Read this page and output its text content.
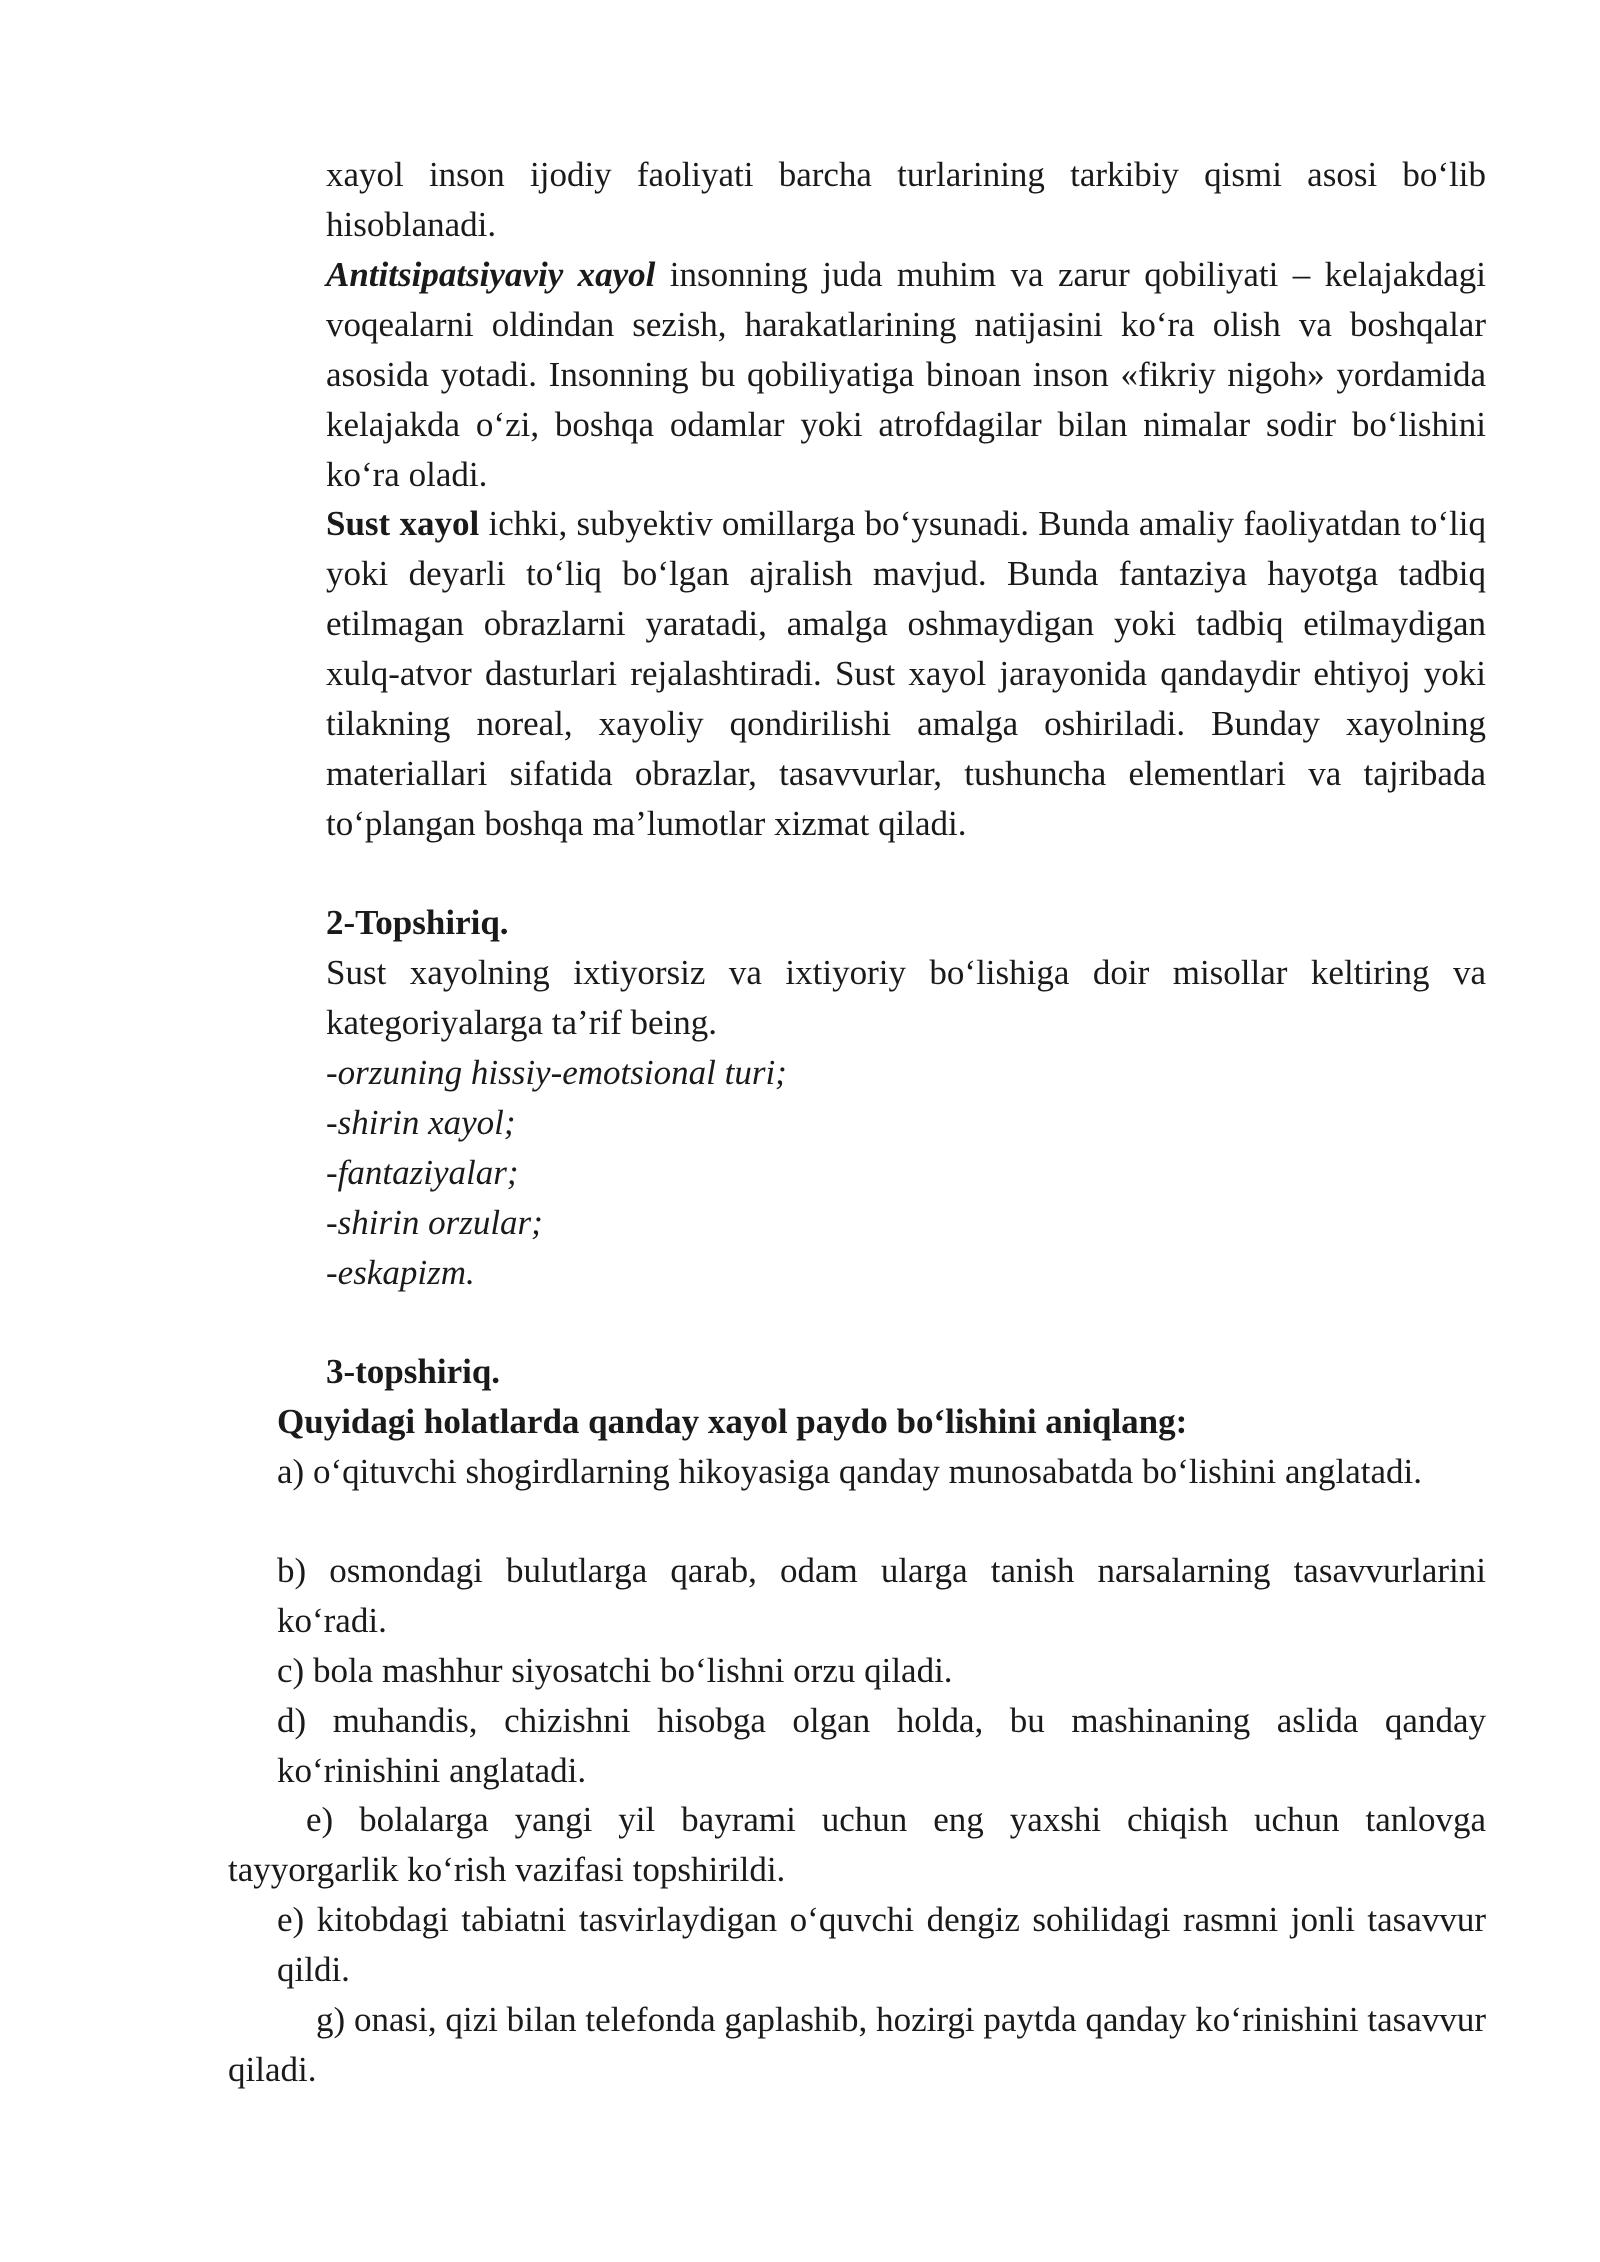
xayol inson ijodiy faoliyati barcha turlarining tarkibiy qismi asosi bo‘lib hisoblanadi.

Antitsipatsiyaviy xayol insonning juda muhim va zarur qobiliyati – kelajakdagi voqealarni oldindan sezish, harakatlarining natijasini ko‘ra olish va boshqalar asosida yotadi. Insonning bu qobiliyatiga binoan inson «fikriy nigoh» yordamida kelajakda o‘zi, boshqa odamlar yoki atrofdagilar bilan nimalar sodir bo‘lishini ko‘ra oladi.

Sust xayol ichki, subyektiv omillarga bo‘ysunadi. Bunda amaliy faoliyatdan to‘liq yoki deyarli to‘liq bo‘lgan ajralish mavjud. Bunda fantaziya hayotga tadbiq etilmagan obrazlarni yaratadi, amalga oshmaydigan yoki tadbiq etilmaydigan xulq-atvor dasturlari rejalashtiradi. Sust xayol jarayonida qandaydir ehtiyoj yoki tilakning noreal, xayoliy qondirilishi amalga oshiriladi. Bunday xayolning materiallari sifatida obrazlar, tasavvurlar, tushuncha elementlari va tajribada to‘plangan boshqa ma’lumotlar xizmat qiladi.

2-Topshiriq.

Sust xayolning ixtiyorsiz va ixtiyoriy bo‘lishiga doir misollar keltiring va kategoriyalarga ta’rif being.

-orzuning hissiy-emotsional turi;

-shirin xayol;

-fantaziyalar;

-shirin orzular;

-eskapizm.

3-topshiriq.

Quyidagi holatlarda qanday xayol paydo bo‘lishini aniqlang:

a) o‘qituvchi shogirdlarning hikoyasiga qanday munosabatda bo‘lishini anglatadi.

b) osmondagi bulutlarga qarab, odam ularga tanish narsalarning tasavvurlarini ko‘radi.

c) bola mashhur siyosatchi bo‘lishni orzu qiladi.

d) muhandis, chizishni hisobga olgan holda, bu mashinaning aslida qanday ko‘rinishini anglatadi.

e) bolalarga yangi yil bayrami uchun eng yaxshi chiqish uchun tanlovga tayyorgarlik ko‘rish vazifasi topshirildi.

e) kitobdagi tabiatni tasvirlaydigan o‘quvchi dengiz sohilidagi rasmni jonli tasavvur qildi.

g) onasi, qizi bilan telefonda gaplashib, hozirgi paytda qanday ko‘rinishini tasavvur qiladi.
